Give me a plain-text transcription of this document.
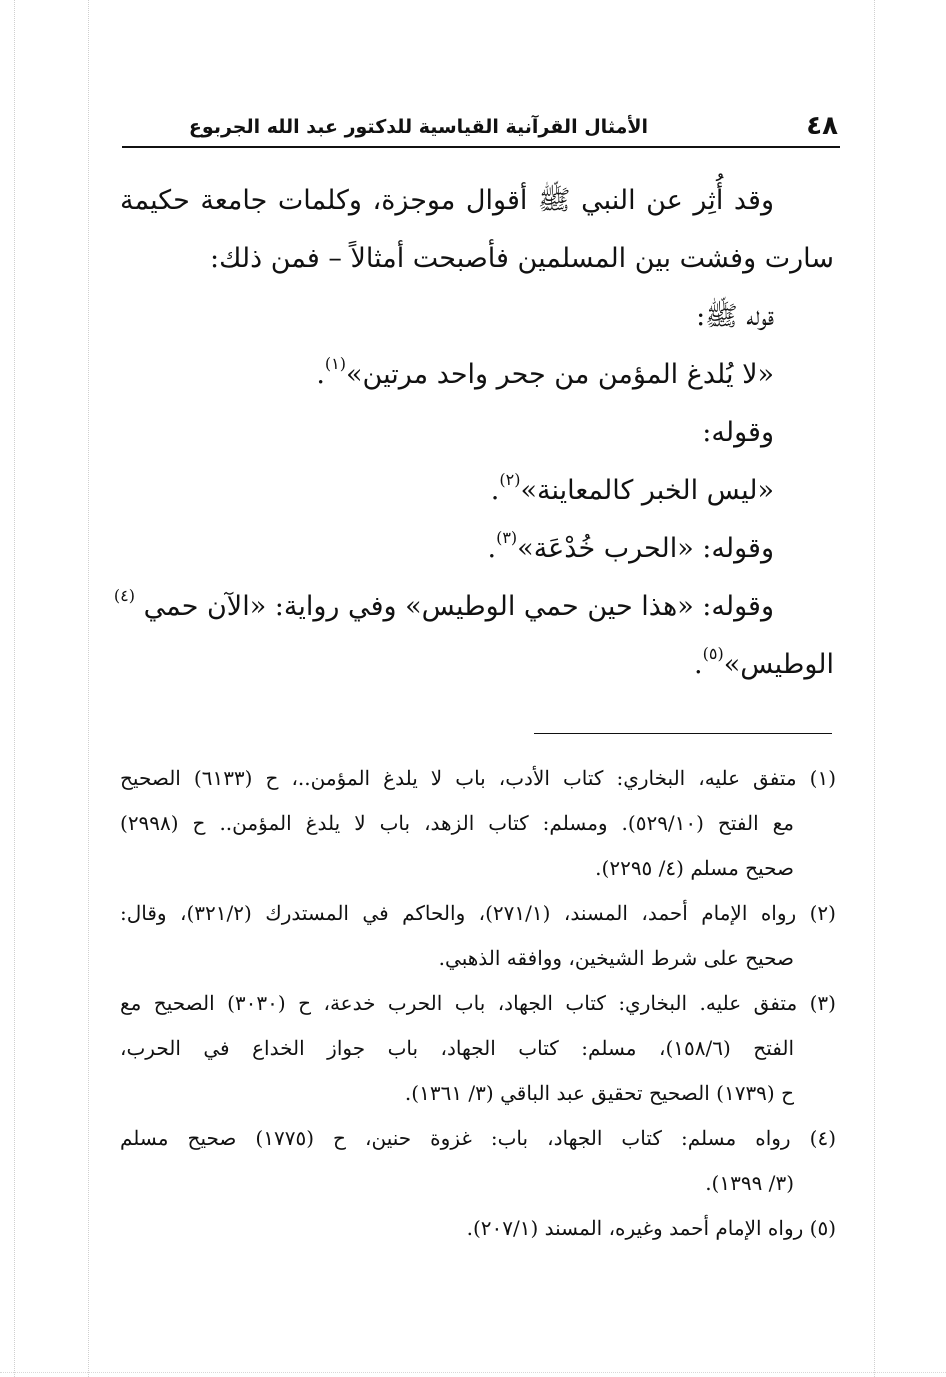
٤٨
الأمثال القرآنية القياسية للدكتور عبد الله الجربوع
وقد أُثِر عن النبي ﷺ أقوال موجزة، وكلمات جامعة حكيمة
سارت وفشت بين المسلمين فأصبحت أمثالاً – فمن ذلك:
قوله ﷺ:
«لا يُلدغ المؤمن من جحر واحد مرتين»$^{(١)}$.
وقوله:
«ليس الخبر كالمعاينة»$^{(٢)}$.
وقوله: «الحرب خُدْعَة»$^{(٣)}$.
وقوله: «هذا حين حمي الوطيس» وفي رواية: «الآن حمي $^{(٤)}$
الوطيس»$^{(٥)}$.
(١) متفق عليه، البخاري: كتاب الأدب، باب لا يلدغ المؤمن..، ح (٦١٣٣) الصحيح
مع الفتح (٥٢٩/١٠). ومسلم: كتاب الزهد، باب لا يلدغ المؤمن.. ح (٢٩٩٨)
صحيح مسلم (٤/ ٢٢٩٥).
(٢) رواه الإمام أحمد، المسند، (٢٧١/١)، والحاكم في المستدرك (٣٢١/٢)، وقال:
صحيح على شرط الشيخين، ووافقه الذهبي.
(٣) متفق عليه. البخاري: كتاب الجهاد، باب الحرب خدعة، ح (٣٠٣٠) الصحيح مع
الفتح (١٥٨/٦)، مسلم: كتاب الجهاد، باب جواز الخداع في الحرب،
ح (١٧٣٩) الصحيح تحقيق عبد الباقي (٣/ ١٣٦١).
(٤) رواه مسلم: كتاب الجهاد، باب: غزوة حنين، ح (١٧٧٥) صحيح مسلم
(٣/ ١٣٩٩).
(٥) رواه الإمام أحمد وغيره، المسند (٢٠٧/١).
